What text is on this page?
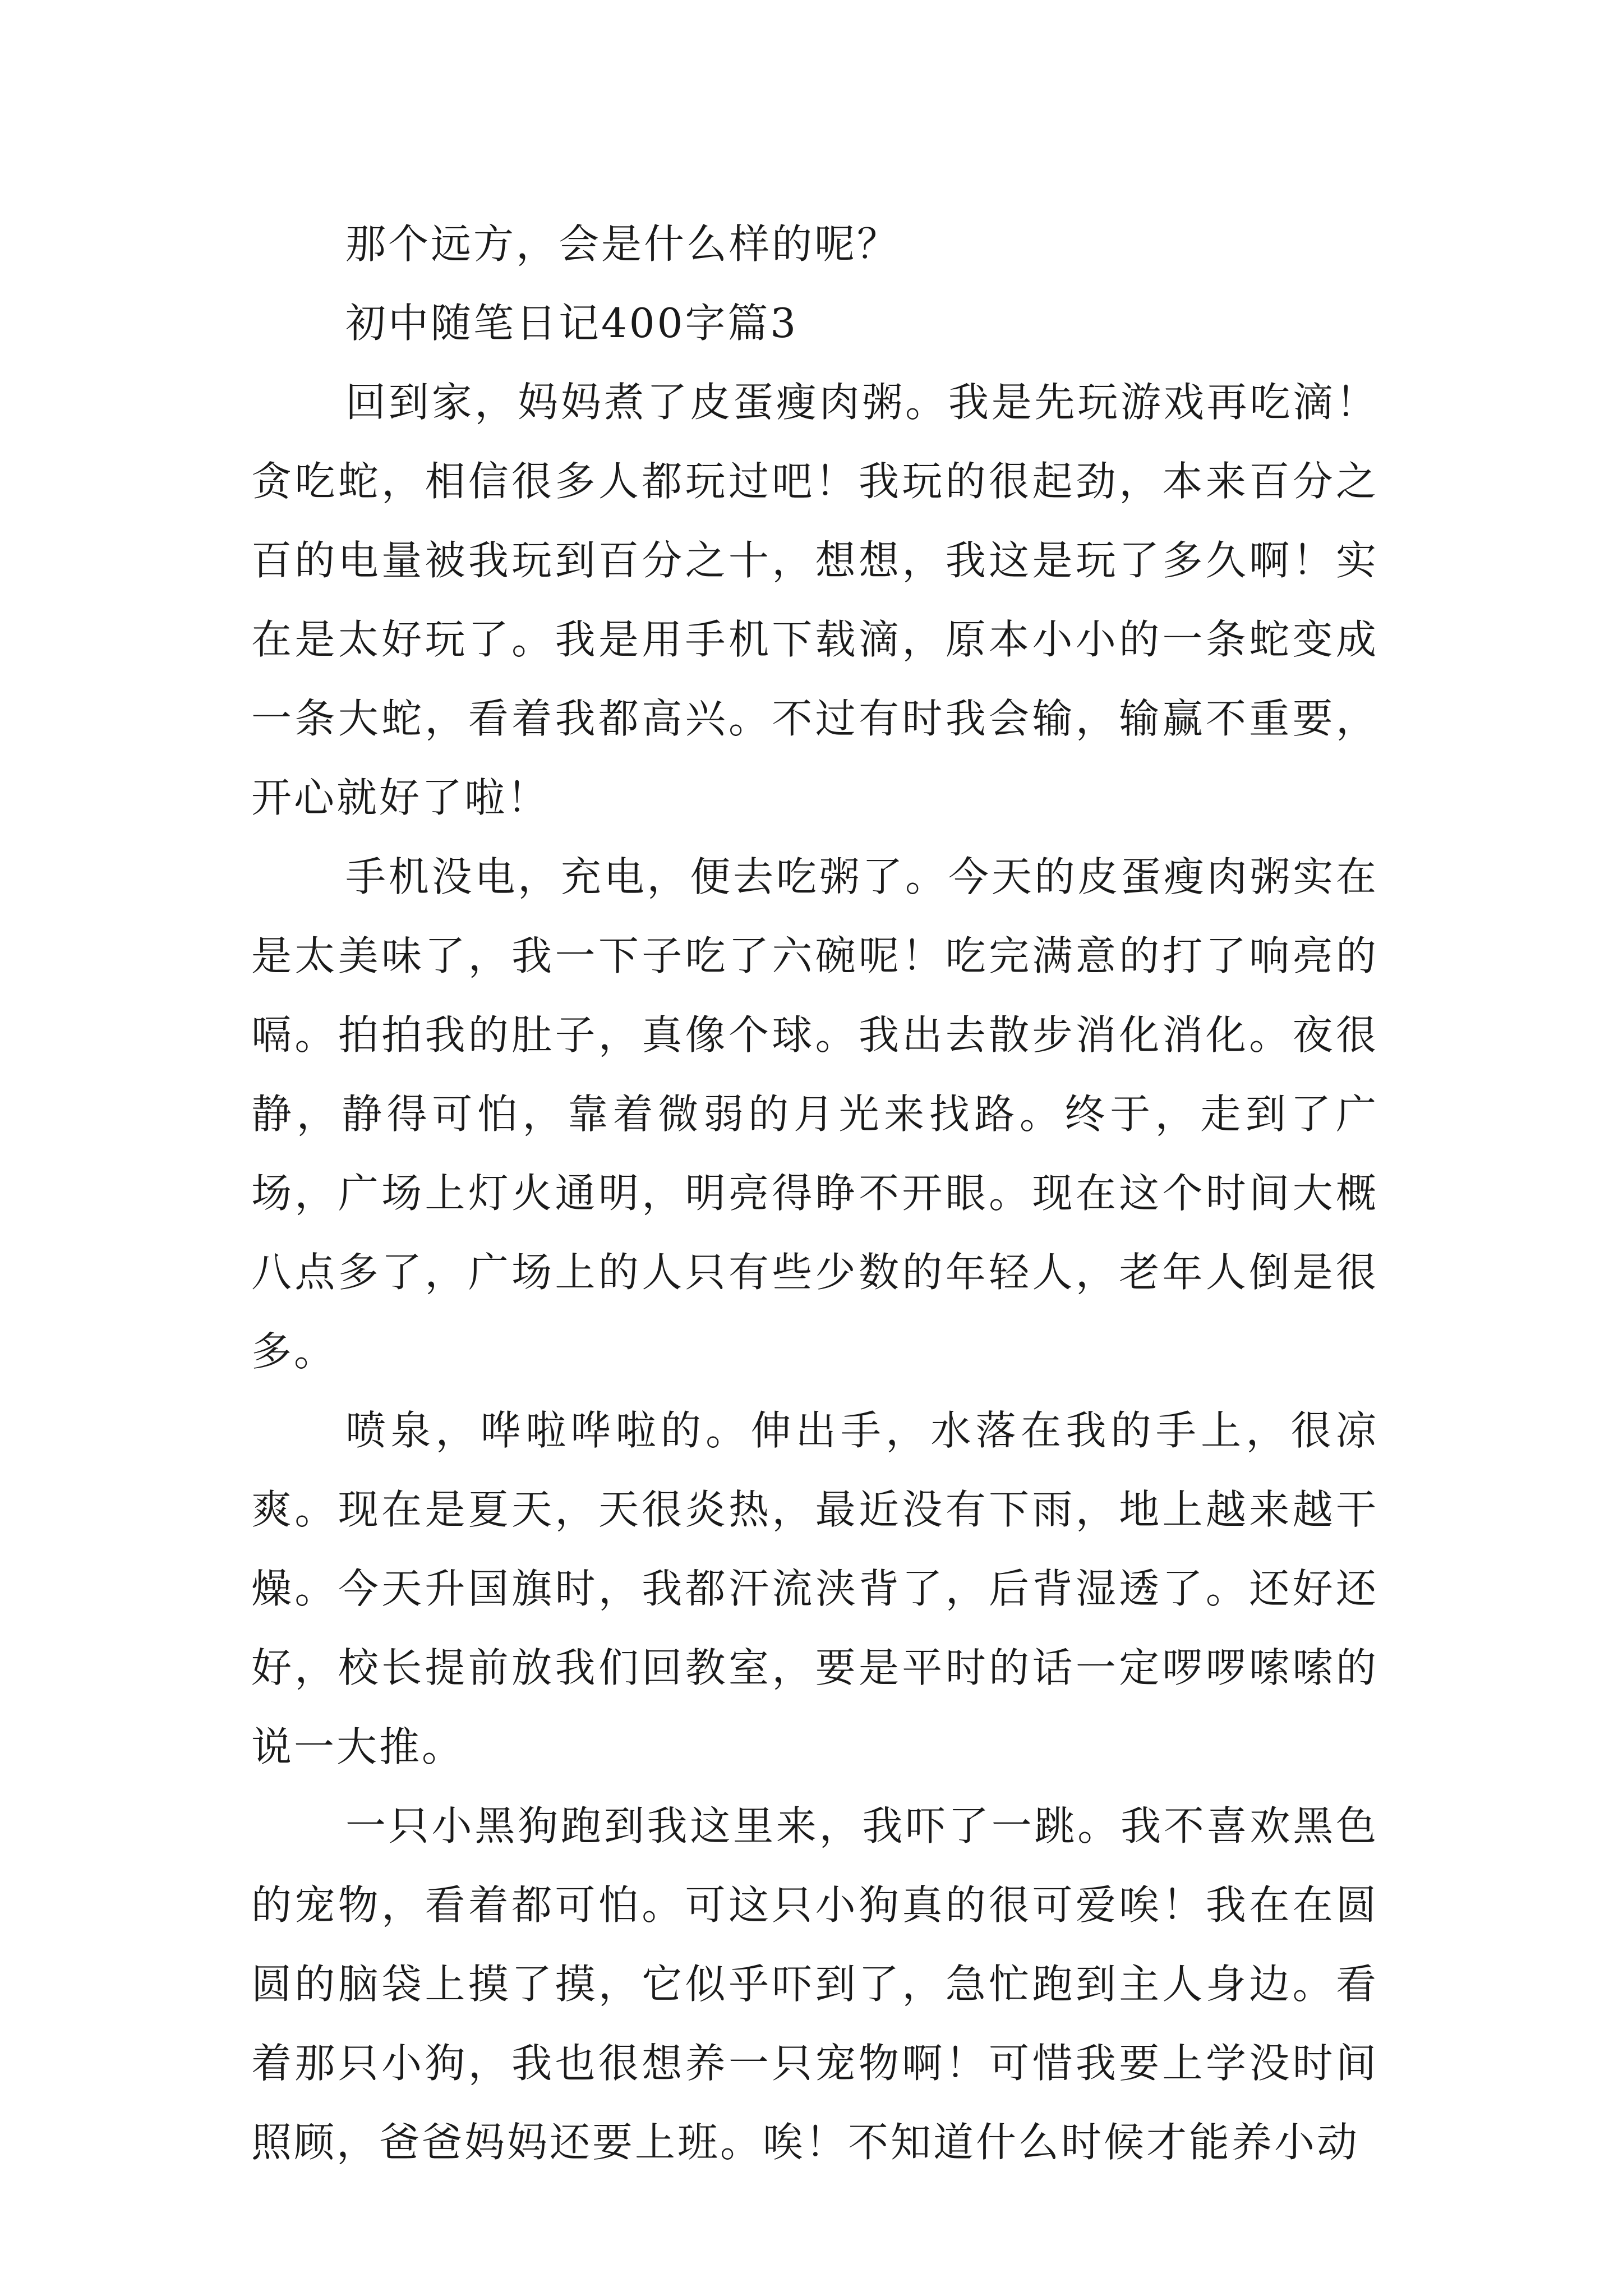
那个远方，会是什么样的呢？

初中随笔日记400字篇3

回到家，妈妈煮了皮蛋瘦肉粥。我是先玩游戏再吃滴！贪吃蛇，相信很多人都玩过吧！我玩的很起劲，本来百分之百的电量被我玩到百分之十，想想，我这是玩了多久啊！实在是太好玩了。我是用手机下载滴，原本小小的一条蛇变成一条大蛇，看着我都高兴。不过有时我会输，输赢不重要，开心就好了啦！

手机没电，充电，便去吃粥了。今天的皮蛋瘦肉粥实在是太美味了，我一下子吃了六碗呢！吃完满意的打了响亮的嗝。拍拍我的肚子，真像个球。我出去散步消化消化。夜很静，静得可怕，靠着微弱的月光来找路。终于，走到了广场，广场上灯火通明，明亮得睁不开眼。现在这个时间大概八点多了，广场上的人只有些少数的年轻人，老年人倒是很多。

喷泉，哗啦哗啦的。伸出手，水落在我的手上，很凉爽。现在是夏天，天很炎热，最近没有下雨，地上越来越干燥。今天升国旗时，我都汗流浃背了，后背湿透了。还好还好，校长提前放我们回教室，要是平时的话一定啰啰嗦嗦的说一大推。

一只小黑狗跑到我这里来，我吓了一跳。我不喜欢黑色的宠物，看着都可怕。可这只小狗真的很可爱唉！我在在圆圆的脑袋上摸了摸，它似乎吓到了，急忙跑到主人身边。看着那只小狗，我也很想养一只宠物啊！可惜我要上学没时间照顾，爸爸妈妈还要上班。唉！不知道什么时候才能养小动
